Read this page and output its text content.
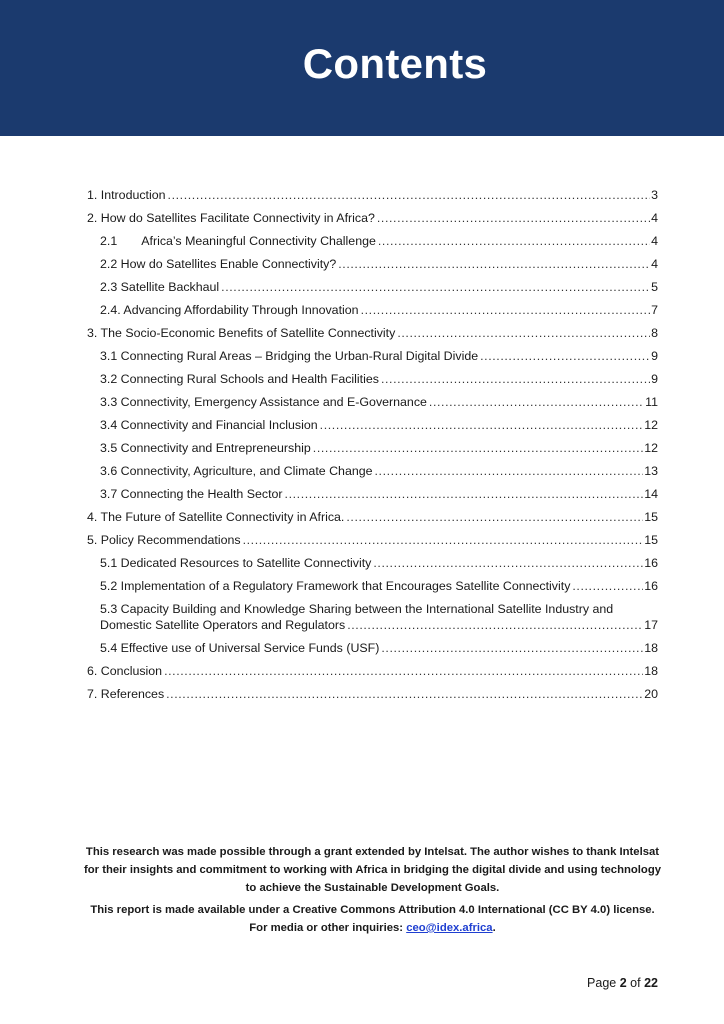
Contents
1. Introduction .....	3
2. How do Satellites Facilitate Connectivity in Africa? .....	4
2.1 Africa’s Meaningful Connectivity Challenge .....	4
2.2 How do Satellites Enable Connectivity? .....	4
2.3 Satellite Backhaul .....	5
2.4. Advancing Affordability Through Innovation .....	7
3. The Socio-Economic Benefits of Satellite Connectivity .....	8
3.1 Connecting Rural Areas – Bridging the Urban-Rural Digital Divide .....	9
3.2 Connecting Rural Schools and Health Facilities .....	9
3.3 Connectivity, Emergency Assistance and E-Governance .....	11
3.4 Connectivity and Financial Inclusion .....	12
3.5 Connectivity and Entrepreneurship .....	12
3.6 Connectivity, Agriculture, and Climate Change .....	13
3.7 Connecting the Health Sector .....	14
4. The Future of Satellite Connectivity in Africa. .....	15
5. Policy Recommendations .....	15
5.1 Dedicated Resources to Satellite Connectivity .....	16
5.2 Implementation of a Regulatory Framework that Encourages Satellite Connectivity .....	16
5.3 Capacity Building and Knowledge Sharing between the International Satellite Industry and
Domestic Satellite Operators and Regulators .....	17
5.4 Effective use of Universal Service Funds (USF) .....	18
6. Conclusion .....	18
7. References .....	20

This research was made possible through a grant extended by Intelsat. The author wishes to thank Intelsat for their insights and commitment to working with Africa in bridging the digital divide and using technology to achieve the Sustainable Development Goals.

This report is made available under a Creative Commons Attribution 4.0 International (CC BY 4.0) license. For media or other inquiries: ceo@idex.africa.

Page 2 of 22
